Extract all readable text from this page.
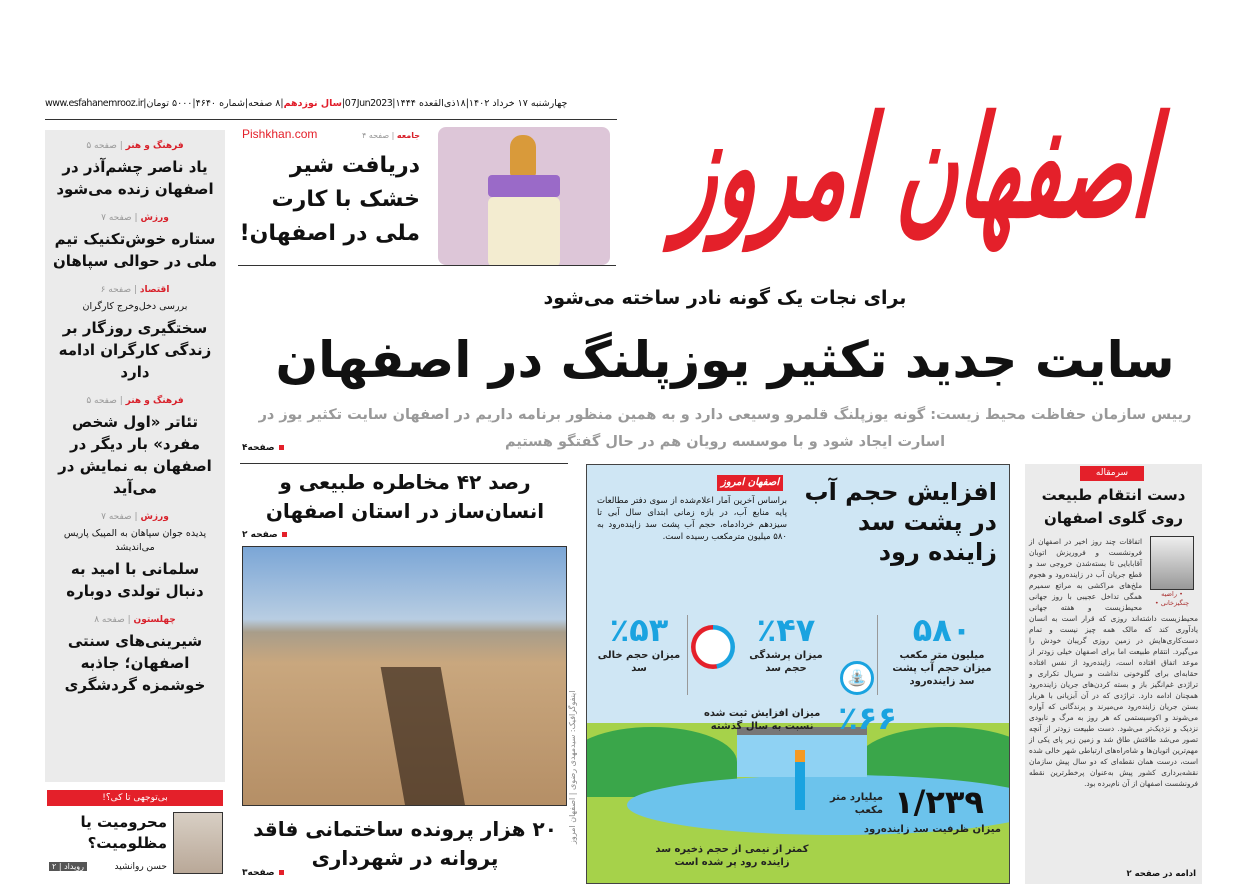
چهارشنبه ۱۷ خرداد ۱۴۰۲|۱۸ذی‌القعده ۱۴۴۴|07Jun2023|سال نوزدهم|۸ صفحه|شماره ۴۶۴۰|۵۰۰۰ تومان|www.esfahanemrooz.ir	اصفهان امروز
فرهنگ و هنر | صفحه ۵
یاد ناصر چشم‌آذر در اصفهان زنده می‌شود
ورزش | صفحه ۷
ستاره خوش‌تکنیک تیم ملی در حوالی سپاهان
اقتصاد | صفحه ۶
بررسی دخل‌وخرج کارگران
سختگیری روزگار بر زندگی کارگران ادامه دارد
فرهنگ و هنر | صفحه ۵
تئاتر «اول شخص مفرد» بار دیگر در اصفهان به نمایش در می‌آید
ورزش | صفحه ۷
پدیده جوان سپاهان به المپیک پاریس می‌اندیشد
سلمانی با امید به دنبال تولدی دوباره
چهلستون | صفحه ۸
شیرینی‌های سنتی اصفهان؛ جاذبه خوشمزه گردشگری
بی‌توجهی تا کی؟!
محرومیت یا مظلومیت؟
حسن روانشید
رویداد | ۲
جامعه | صفحه ۴
دریافت شیر خشک با کارت ملی در اصفهان!
Pishkhan.com
برای نجات یک گونه نادر ساخته می‌شود
سایت جدید تکثیر یوزپلنگ در اصفهان
رییس سازمان حفاظت محیط زیست: گونه یوزپلنگ قلمرو وسیعی دارد و به همین منظور برنامه داریم در اصفهان سایت تکثیر یوز در اسارت ایجاد شود و با موسسه رویان هم در حال گفتگو هستیم
صفحه۴
رصد ۴۲ مخاطره طبیعی و انسان‌ساز در استان اصفهان
صفحه ۲
۲۰ هزار پرونده ساختمانی فاقد پروانه در شهرداری
صفحه۳
اینفوگرافیک: سیدمهدی رضوی | اصفهان امروز
افزایش حجم آب در پشت سد زاینده رود
اصفهان امروز
براساس آخرین آمار اعلام‌شده از سوی دفتر مطالعات پایه منابع آب، در بازه زمانی ابتدای سال آبی تا سیزدهم خردادماه، حجم آب پشت سد زاینده‌رود به ۵۸۰ میلیون مترمکعب رسیده است.
۵۸۰
میلیون متر مکعب
میزان حجم آب پشت سد زاینده‌رود
⛲
٪۴۷
میزان پرشدگی حجم سد
٪۵۳
میزان حجم خالی سد
٪۶۶ میزان افزایش ثبت شده نسبت به سال گذشته
۱/۲۳۹ میلیارد متر مکعب
میزان ظرفیت سد زاینده‌رود
کمتر از نیمی از حجم ذخیره سد زاینده رود پر شده است
سرمقاله
دست انتقام طبیعت روی گلوی اصفهان
• راضیه چنگیزخانی •
اتفاقات چند روز اخیر در اصفهان از فرونشست و فروریزش اتوبان آقابابایی تا بسته‌شدن خروجی سد و قطع جریان آب در زاینده‌رود و هجوم ملخ‌های مراکشی به مراتع سمیرم همگی تداخل عجیبی با روز جهانی محیط‌زیست و هفته جهانی محیط‌زیست داشته‌اند روزی که قرار است به انسان یادآوری کند که مالک همه چیز نیست و تمام دست‌کاری‌هایش در زمین روزی گریبان خودش را می‌گیرد. انتقام طبیعت اما برای اصفهان خیلی زودتر از موعد اتفاق افتاده است، زاینده‌رود از نفس افتاده حقابه‌ای برای گلوخونی نداشت و سریال تکراری و تراژدی غم‌انگیز باز و بسته کردن‌های جریان زاینده‌رود همچنان ادامه دارد. تراژدی که در آن آبزیانی با هربار بستن جریان زاینده‌رود می‌میرند و پرندگانی که آواره می‌شوند و اکوسیستمی که هر روز به مرگ و نابودی نزدیک و نزدیک‌تر می‌شود. دست طبیعت زودتر از آنچه تصور می‌شد طاقتش طاق شد و زمین زیر پای یکی از مهم‌ترین اتوبان‌ها و شاه‌راه‌های ارتباطی شهر خالی شده است، درست همان نقطه‌ای که دو سال پیش سازمان نقشه‌برداری کشور پیش به‌عنوان پرخطرترین نقطه فرونشست اصفهان از آن نام‌برده بود.
ادامه در صفحه ۲
